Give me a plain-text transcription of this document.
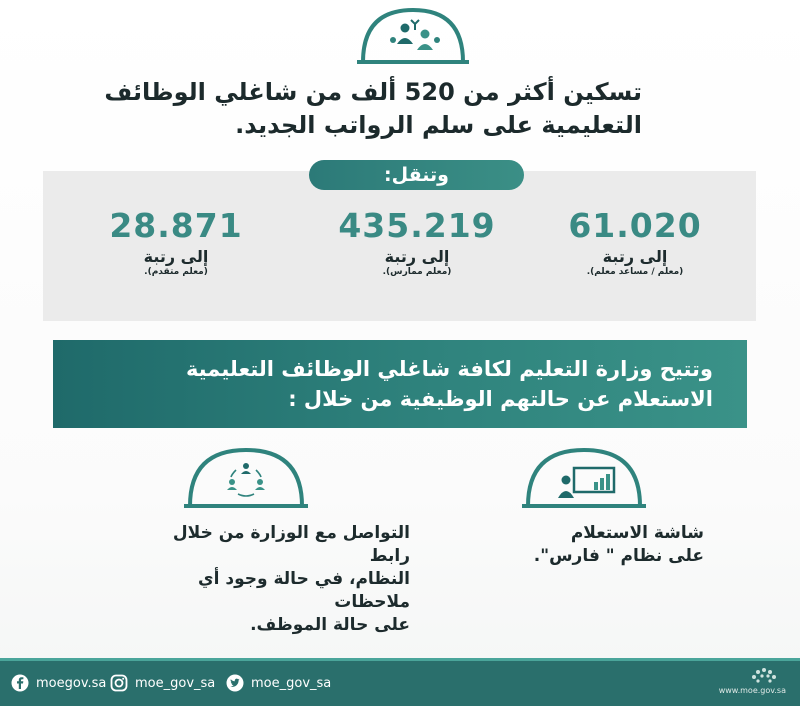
تسكين أكثر من 520 ألف من شاغلي الوظائف
التعليمية على سلم الرواتب الجديد.
وتنقل:
61.020
إلى رتبة
(معلم / مساعد معلم).
435.219
إلى رتبة
(معلم ممارس).
28.871
إلى رتبة
(معلم متقدم).
وتتيح وزارة التعليم لكافة شاغلي الوظائف التعليمية
الاستعلام عن حالتهم الوظيفية من خلال :
التواصل مع الوزارة من خلال رابط
النظام، في حالة وجود أي ملاحظات
على حالة الموظف.
شاشة الاستعلام
على نظام " فارس".
moegov.sa moe_gov_sa	moe_gov_sa	www.moe.gov.sa
